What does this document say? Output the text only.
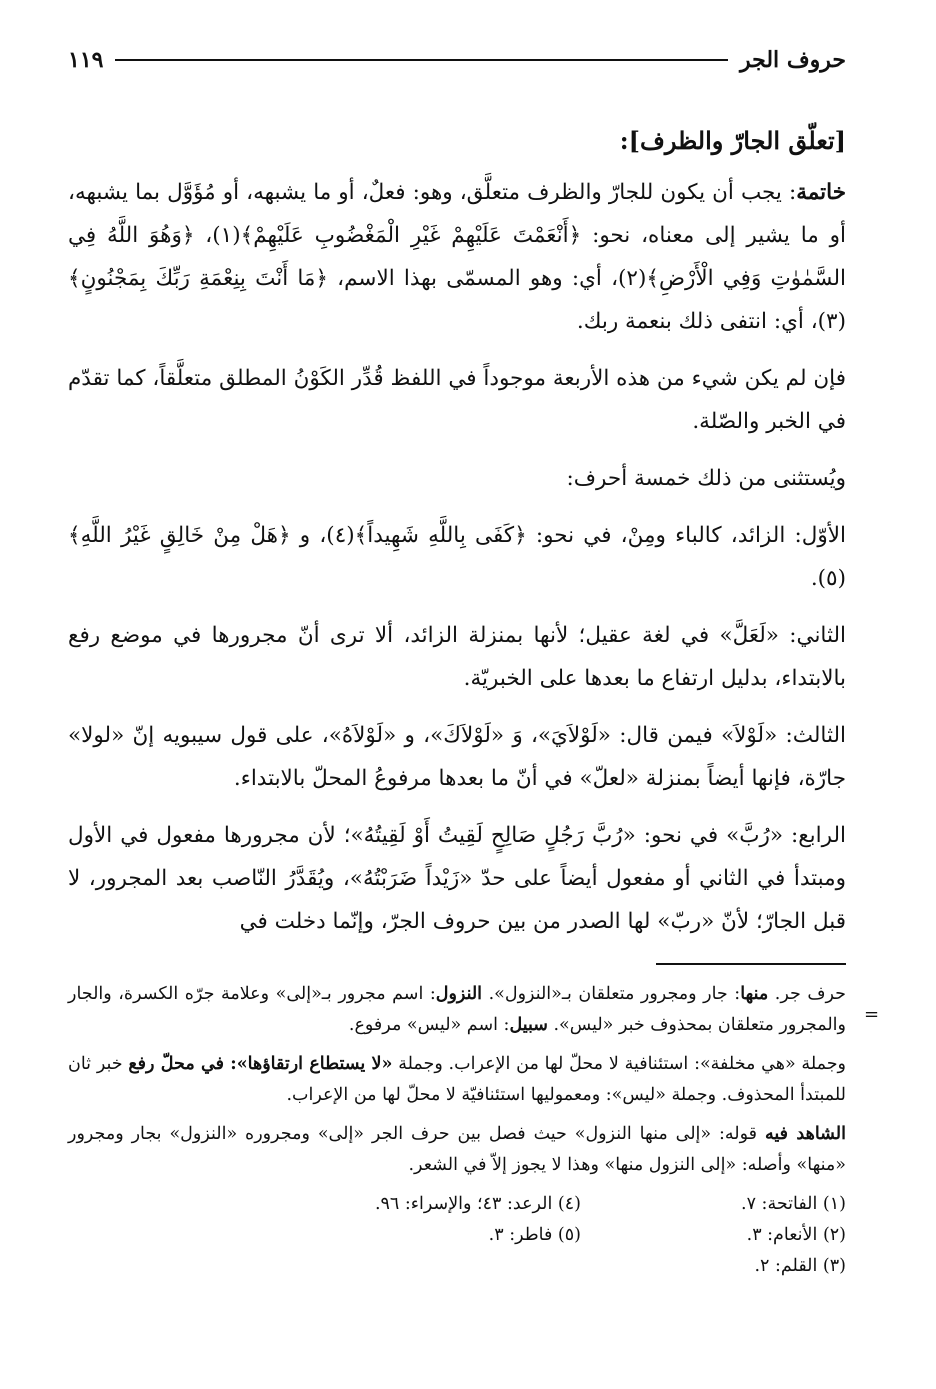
حروف الجر
١١٩
[تعلّق الجارّ والظرف]:

خاتمة: يجب أن يكون للجارّ والظرف متعلَّق، وهو: فعلٌ، أو ما يشبهه، أو مُؤَوَّل بما يشبهه، أو ما يشير إلى معناه، نحو: ﴿أَنْعَمْتَ عَلَيْهِمْ غَيْرِ الْمَغْضُوبِ عَلَيْهِمْ﴾(١)، ﴿وَهُوَ اللَّهُ فِي السَّمٰوٰتِ وَفِي الْأَرْضِ﴾(٢)، أي: وهو المسمّى بهذا الاسم، ﴿مَا أَنْتَ بِنِعْمَةِ رَبِّكَ بِمَجْنُونٍ﴾(٣)، أي: انتفى ذلك بنعمة ربك.

فإن لم يكن شيء من هذه الأربعة موجوداً في اللفظ قُدِّر الكَوْنُ المطلق متعلَّقاً، كما تقدّم في الخبر والصّلة.

ويُستثنى من ذلك خمسة أحرف:

الأوّل: الزائد، كالباء ومِنْ، في نحو: ﴿كَفَى بِاللَّهِ شَهِيداً﴾(٤)، و ﴿هَلْ مِنْ خَالِقٍ غَيْرُ اللَّهِ﴾(٥).

الثاني: «لَعَلَّ» في لغة عقيل؛ لأنها بمنزلة الزائد، ألا ترى أنّ مجرورها في موضع رفع بالابتداء، بدليل ارتفاع ما بعدها على الخبريّة.

الثالث: «لَوْلاَ» فيمن قال: «لَوْلاَيَ»، وَ «لَوْلاَكَ»، و «لَوْلاَهُ»، على قول سيبويه إنّ «لولا» جارّة، فإنها أيضاً بمنزلة «لعلّ» في أنّ ما بعدها مرفوعُ المحلّ بالابتداء.

الرابع: «رُبَّ» في نحو: «رُبَّ رَجُلٍ صَالِحٍ لَقِيتُ أَوْ لَقِيتُهُ»؛ لأن مجرورها مفعول في الأول ومبتدأ في الثاني أو مفعول أيضاً على حدّ «زَيْداً ضَرَبْتُهُ»، ويُقَدَّرُ النّاصب بعد المجرور، لا قبل الجارّ؛ لأنّ «ربّ» لها الصدر من بين حروف الجرّ، وإنّما دخلت في

حرف جر. منها: جار ومجرور متعلقان بـ«النزول». النزول: اسم مجرور بـ«إلى» وعلامة جرّه الكسرة، والجار والمجرور متعلقان بمحذوف خبر «ليس». سبيل: اسم «ليس» مرفوع.

وجملة «هي مخلفة»: استئنافية لا محلّ لها من الإعراب. وجملة «لا يستطاع ارتقاؤها»: في محلّ رفع خبر ثان للمبتدأ المحذوف. وجملة «ليس»: ومعموليها استئنافيّة لا محلّ لها من الإعراب.

الشاهد فيه قوله: «إلى منها النزول» حيث فصل بين حرف الجر «إلى» ومجروره «النزول» بجار ومجرور «منها» وأصله: «إلى النزول منها» وهذا لا يجوز إلاّ في الشعر.

(١) الفاتحة: ٧.
(٢) الأنعام: ٣.
(٣) القلم: ٢.
(٤) الرعد: ٤٣؛ والإسراء: ٩٦.
(٥) فاطر: ٣.
=
